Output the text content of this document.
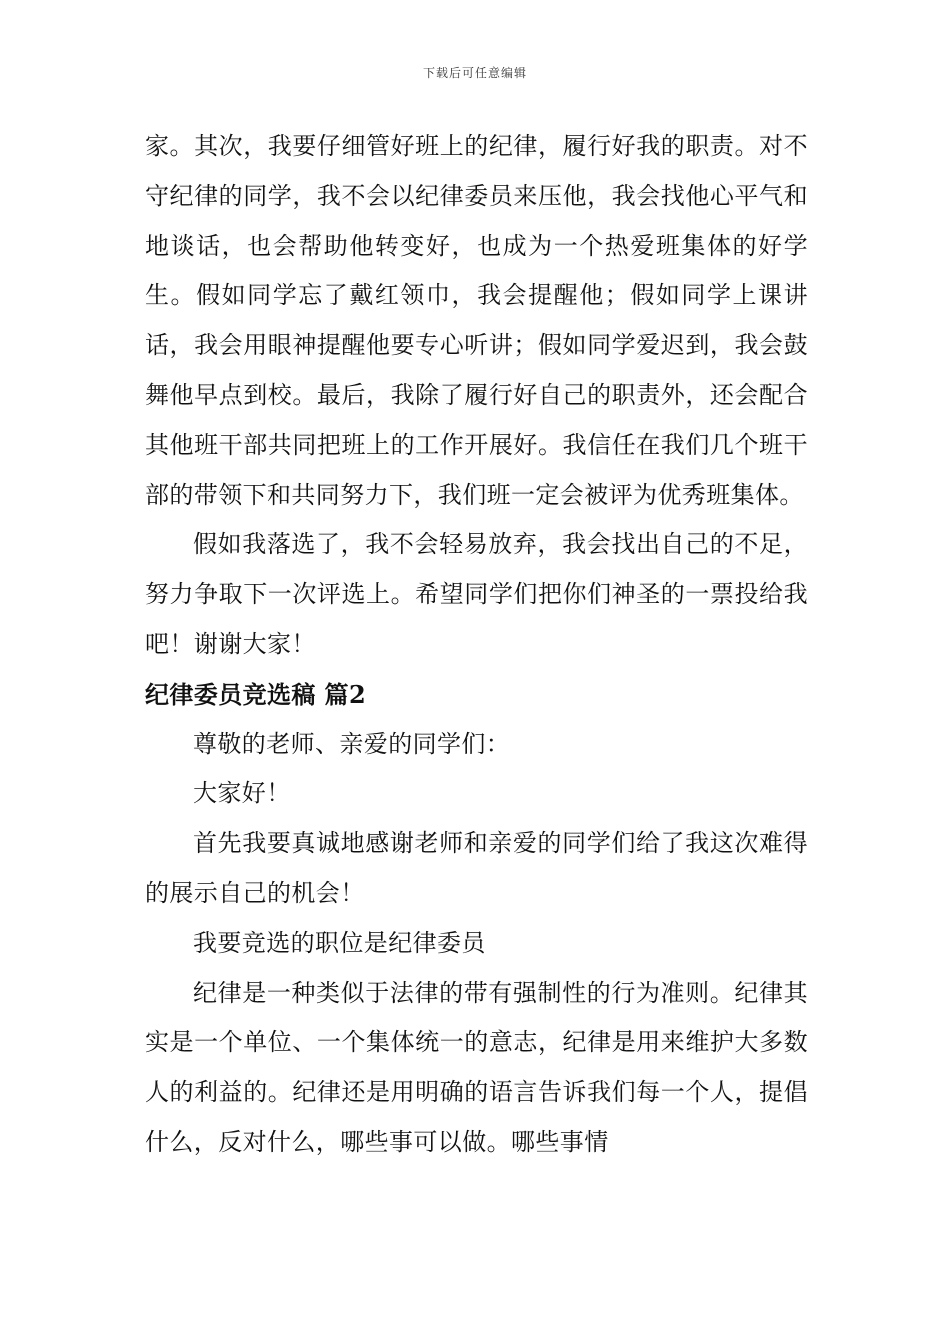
下载后可任意编辑

家。其次，我要仔细管好班上的纪律，履行好我的职责。对不守纪律的同学，我不会以纪律委员来压他，我会找他心平气和地谈话，也会帮助他转变好，也成为一个热爱班集体的好学生。假如同学忘了戴红领巾，我会提醒他；假如同学上课讲话，我会用眼神提醒他要专心听讲；假如同学爱迟到，我会鼓舞他早点到校。最后，我除了履行好自己的职责外，还会配合其他班干部共同把班上的工作开展好。我信任在我们几个班干部的带领下和共同努力下，我们班一定会被评为优秀班集体。

假如我落选了，我不会轻易放弃，我会找出自己的不足，努力争取下一次评选上。希望同学们把你们神圣的一票投给我吧！谢谢大家！

纪律委员竞选稿 篇2

尊敬的老师、亲爱的同学们：

大家好！

首先我要真诚地感谢老师和亲爱的同学们给了我这次难得的展示自己的机会！

我要竞选的职位是纪律委员

纪律是一种类似于法律的带有强制性的行为准则。纪律其实是一个单位、一个集体统一的意志，纪律是用来维护大多数人的利益的。纪律还是用明确的语言告诉我们每一个人，提倡什么，反对什么，哪些事可以做。哪些事情
